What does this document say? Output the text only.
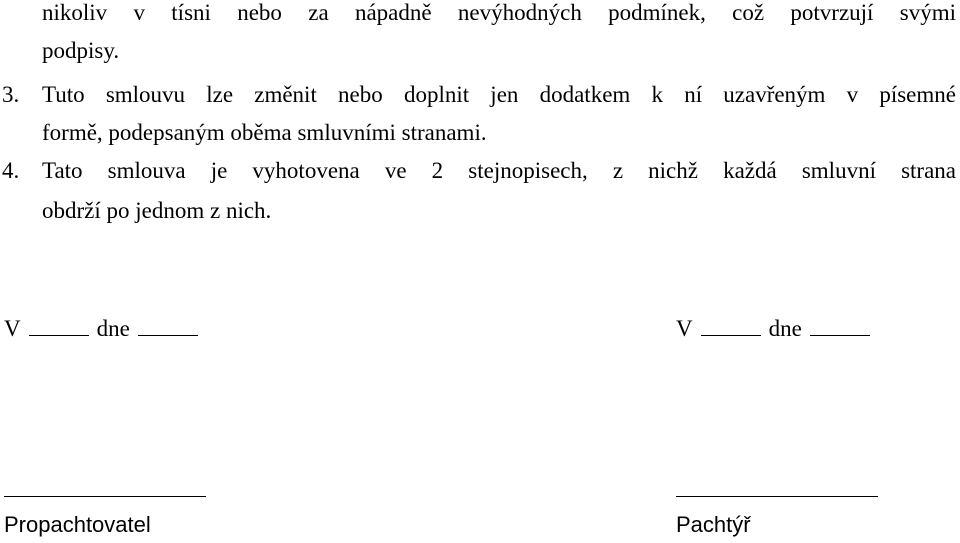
nikoliv v tísni nebo za nápadně nevýhodných podmínek, což potvrzují svými
podpisy.
3. Tuto smlouvu lze změnit nebo doplnit jen dodatkem k ní uzavřeným v písemné
formě, podepsaným oběma smluvními stranami.
4. Tato smlouva je vyhotovena ve 2 stejnopisech, z nichž každá smluvní strana
obdrží po jednom z nich.
V	dne	V	dne
Propachtovatel	Pachtýř
